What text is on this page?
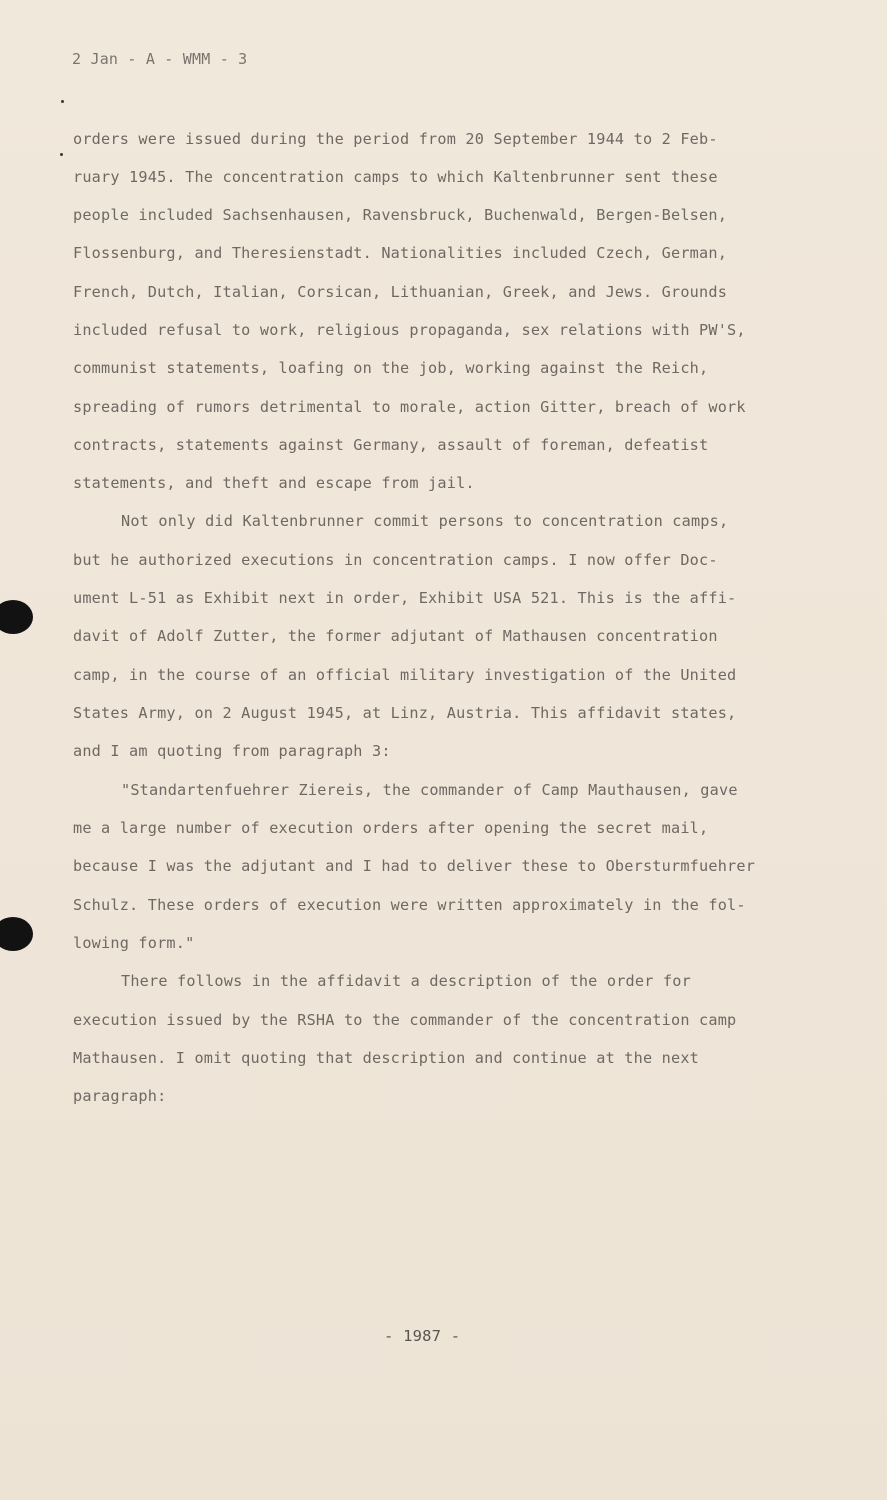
2 Jan - A - WMM - 3
orders were issued during the period from 20 September 1944 to 2 Feb-
ruary 1945. The concentration camps to which Kaltenbrunner sent these
people included Sachsenhausen, Ravensbruck, Buchenwald, Bergen-Belsen,
Flossenburg, and Theresienstadt. Nationalities included Czech, German,
French, Dutch, Italian, Corsican, Lithuanian, Greek, and Jews. Grounds
included refusal to work, religious propaganda, sex relations with PW'S,
communist statements, loafing on the job, working against the Reich,
spreading of rumors detrimental to morale, action Gitter, breach of work
contracts, statements against Germany, assault of foreman, defeatist
statements, and theft and escape from jail.
Not only did Kaltenbrunner commit persons to concentration camps,
but he authorized executions in concentration camps. I now offer Doc-
ument L-51 as Exhibit next in order, Exhibit USA 521. This is the affi-
davit of Adolf Zutter, the former adjutant of Mathausen concentration
camp, in the course of an official military investigation of the United
States Army, on 2 August 1945, at Linz, Austria. This affidavit states,
and I am quoting from paragraph 3:
"Standartenfuehrer Ziereis, the commander of Camp Mauthausen, gave
me a large number of execution orders after opening the secret mail,
because I was the adjutant and I had to deliver these to Obersturmfuehrer
Schulz. These orders of execution were written approximately in the fol-
lowing form."
There follows in the affidavit a description of the order for
execution issued by the RSHA to the commander of the concentration camp
Mathausen. I omit quoting that description and continue at the next
paragraph:
- 1987 -
